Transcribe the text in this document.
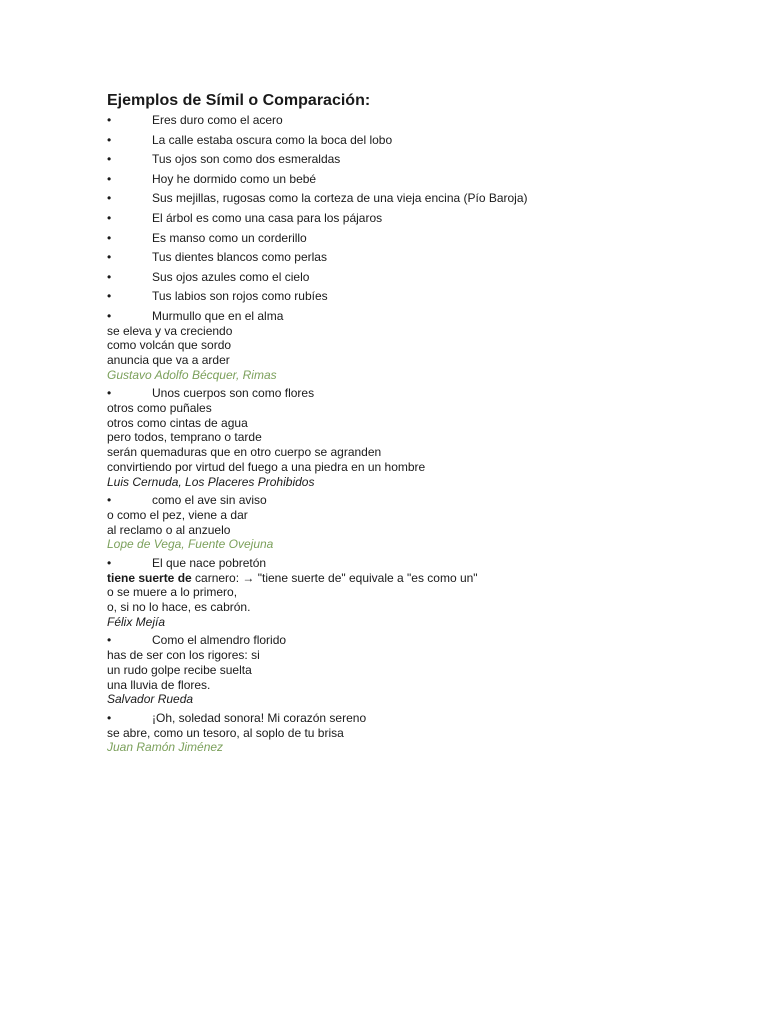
Ejemplos de Símil o Comparación:
•	Eres duro como el acero
•	La calle estaba oscura como la boca del lobo
•	Tus ojos son como dos esmeraldas
•	Hoy he dormido como un bebé
•	Sus mejillas, rugosas como la corteza de una vieja encina (Pío Baroja)
•	El árbol es como una casa para los pájaros
•	Es manso como un corderillo
•	Tus dientes blancos como perlas
•	Sus ojos azules como el cielo
•	Tus labios son rojos como rubíes
•	Murmullo que en el alma
se eleva y va creciendo
como volcán que sordo
anuncia que va a arder
Gustavo Adolfo Bécquer, Rimas
•	Unos cuerpos son como flores
otros como puñales
otros como cintas de agua
pero todos, temprano o tarde
serán quemaduras que en otro cuerpo se agranden
convirtiendo por virtud del fuego a una piedra en un hombre
Luis Cernuda, Los Placeres Prohibidos
•	como el ave sin aviso
o como el pez, viene a dar
al reclamo o al anzuelo
Lope de Vega, Fuente Ovejuna
•	El que nace pobretón
tiene suerte de carnero: → "tiene suerte de" equivale a "es como un"
o se muere a lo primero,
o, si no lo hace, es cabrón.
Félix Mejía
•	Como el almendro florido
has de ser con los rigores: si
un rudo golpe recibe suelta
una lluvia de flores.
Salvador Rueda
•	¡Oh, soledad sonora! Mi corazón sereno
se abre, como un tesoro, al soplo de tu brisa
Juan Ramón Jiménez
